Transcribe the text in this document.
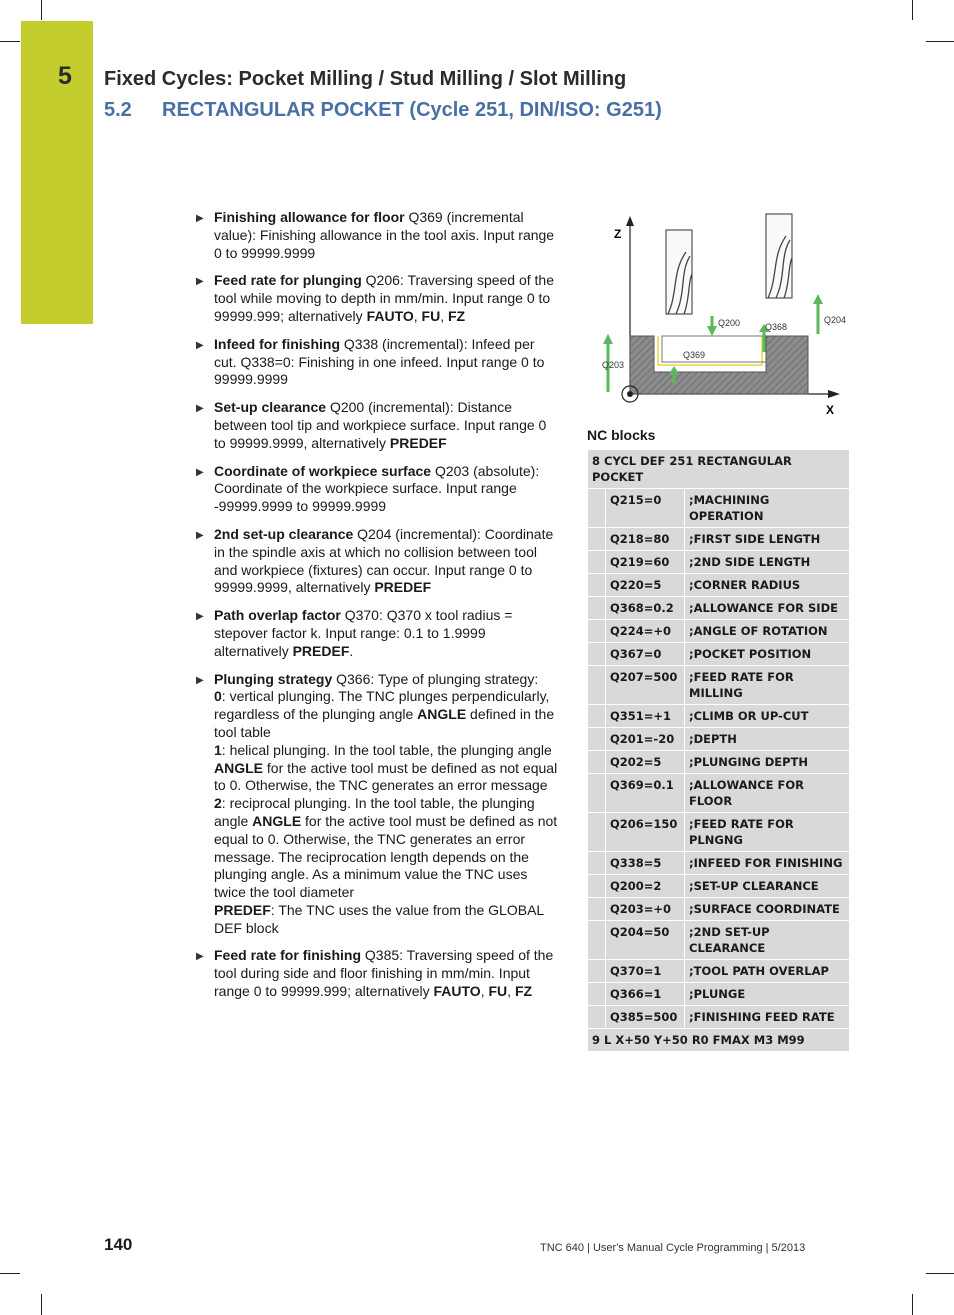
5 Fixed Cycles: Pocket Milling / Stud Milling / Slot Milling
5.2 RECTANGULAR POCKET (Cycle 251, DIN/ISO: G251)
▶ Finishing allowance for floor Q369 (incremental value): Finishing allowance in the tool axis. Input range 0 to 99999.9999
▶ Feed rate for plunging Q206: Traversing speed of the tool while moving to depth in mm/min. Input range 0 to 99999.999; alternatively FAUTO, FU, FZ
▶ Infeed for finishing Q338 (incremental): Infeed per cut. Q338=0: Finishing in one infeed. Input range 0 to 99999.9999
▶ Set-up clearance Q200 (incremental): Distance between tool tip and workpiece surface. Input range 0 to 99999.9999, alternatively PREDEF
▶ Coordinate of workpiece surface Q203 (absolute): Coordinate of the workpiece surface. Input range -99999.9999 to 99999.9999
▶ 2nd set-up clearance Q204 (incremental): Coordinate in the spindle axis at which no collision between tool and workpiece (fixtures) can occur. Input range 0 to 99999.9999, alternatively PREDEF
▶ Path overlap factor Q370: Q370 x tool radius = stepover factor k. Input range: 0.1 to 1.9999 alternatively PREDEF.
▶ Plunging strategy Q366: Type of plunging strategy:
0: vertical plunging. The TNC plunges perpendicularly, regardless of the plunging angle ANGLE defined in the tool table
1: helical plunging. In the tool table, the plunging angle ANGLE for the active tool must be defined as not equal to 0. Otherwise, the TNC generates an error message
2: reciprocal plunging. In the tool table, the plunging angle ANGLE for the active tool must be defined as not equal to 0. Otherwise, the TNC generates an error message. The reciprocation length depends on the plunging angle. As a minimum value the TNC uses twice the tool diameter
PREDEF: The TNC uses the value from the GLOBAL DEF block
▶ Feed rate for finishing Q385: Traversing speed of the tool during side and floor finishing in mm/min. Input range 0 to 99999.999; alternatively FAUTO, FU, FZ
Z
X
Q200	Q368
Q204
Q203
Q369
NC blocks
8 CYCL DEF 251 RECTANGULAR POCKET		
	Q215=0	;MACHINING OPERATION
	Q218=80	;FIRST SIDE LENGTH
	Q219=60	;2ND SIDE LENGTH
	Q220=5	;CORNER RADIUS
	Q368=0.2	;ALLOWANCE FOR SIDE
	Q224=+0	;ANGLE OF ROTATION
	Q367=0	;POCKET POSITION
	Q207=500	;FEED RATE FOR MILLING
	Q351=+1	;CLIMB OR UP-CUT
	Q201=-20	;DEPTH
	Q202=5	;PLUNGING DEPTH
	Q369=0.1	;ALLOWANCE FOR FLOOR
	Q206=150	;FEED RATE FOR PLNGNG
	Q338=5	;INFEED FOR FINISHING
	Q200=2	;SET-UP CLEARANCE
	Q203=+0	;SURFACE COORDINATE
	Q204=50	;2ND SET-UP CLEARANCE
	Q370=1	;TOOL PATH OVERLAP
	Q366=1	;PLUNGE
	Q385=500	;FINISHING FEED RATE
9 L X+50 Y+50 R0 FMAX M3 M99		
140	TNC 640 | User's Manual Cycle Programming | 5/2013
